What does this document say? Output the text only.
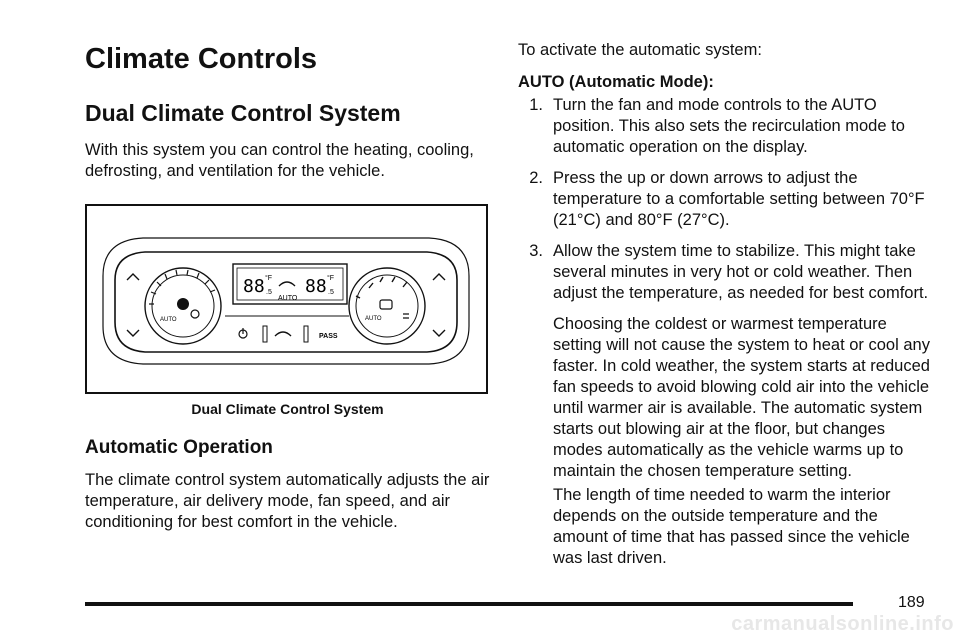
Climate Controls
Dual Climate Control System

With this system you can control the heating, cooling, defrosting, and ventilation for the vehicle.

AUTO	AUTO
88 °F
.5 88 °F
.5
AUTO
PASS
Dual Climate Control System
Automatic Operation

The climate control system automatically adjusts the air temperature, air delivery mode, fan speed, and air conditioning for best comfort in the vehicle.

To activate the automatic system:

AUTO (Automatic Mode):
1. Turn the fan and mode controls to the AUTO position. This also sets the recirculation mode to automatic operation on the display.
2. Press the up or down arrows to adjust the temperature to a comfortable setting between 70°F (21°C) and 80°F (27°C).
3. Allow the system time to stabilize. This might take several minutes in very hot or cold weather. Then adjust the temperature, as needed for best comfort.

Choosing the coldest or warmest temperature setting will not cause the system to heat or cool any faster. In cold weather, the system starts at reduced fan speeds to avoid blowing cold air into the vehicle until warmer air is available. The automatic system starts out blowing air at the floor, but changes modes automatically as the vehicle warms up to maintain the chosen temperature setting.

The length of time needed to warm the interior depends on the outside temperature and the amount of time that has passed since the vehicle was last driven.

189
carmanualsonline.info
